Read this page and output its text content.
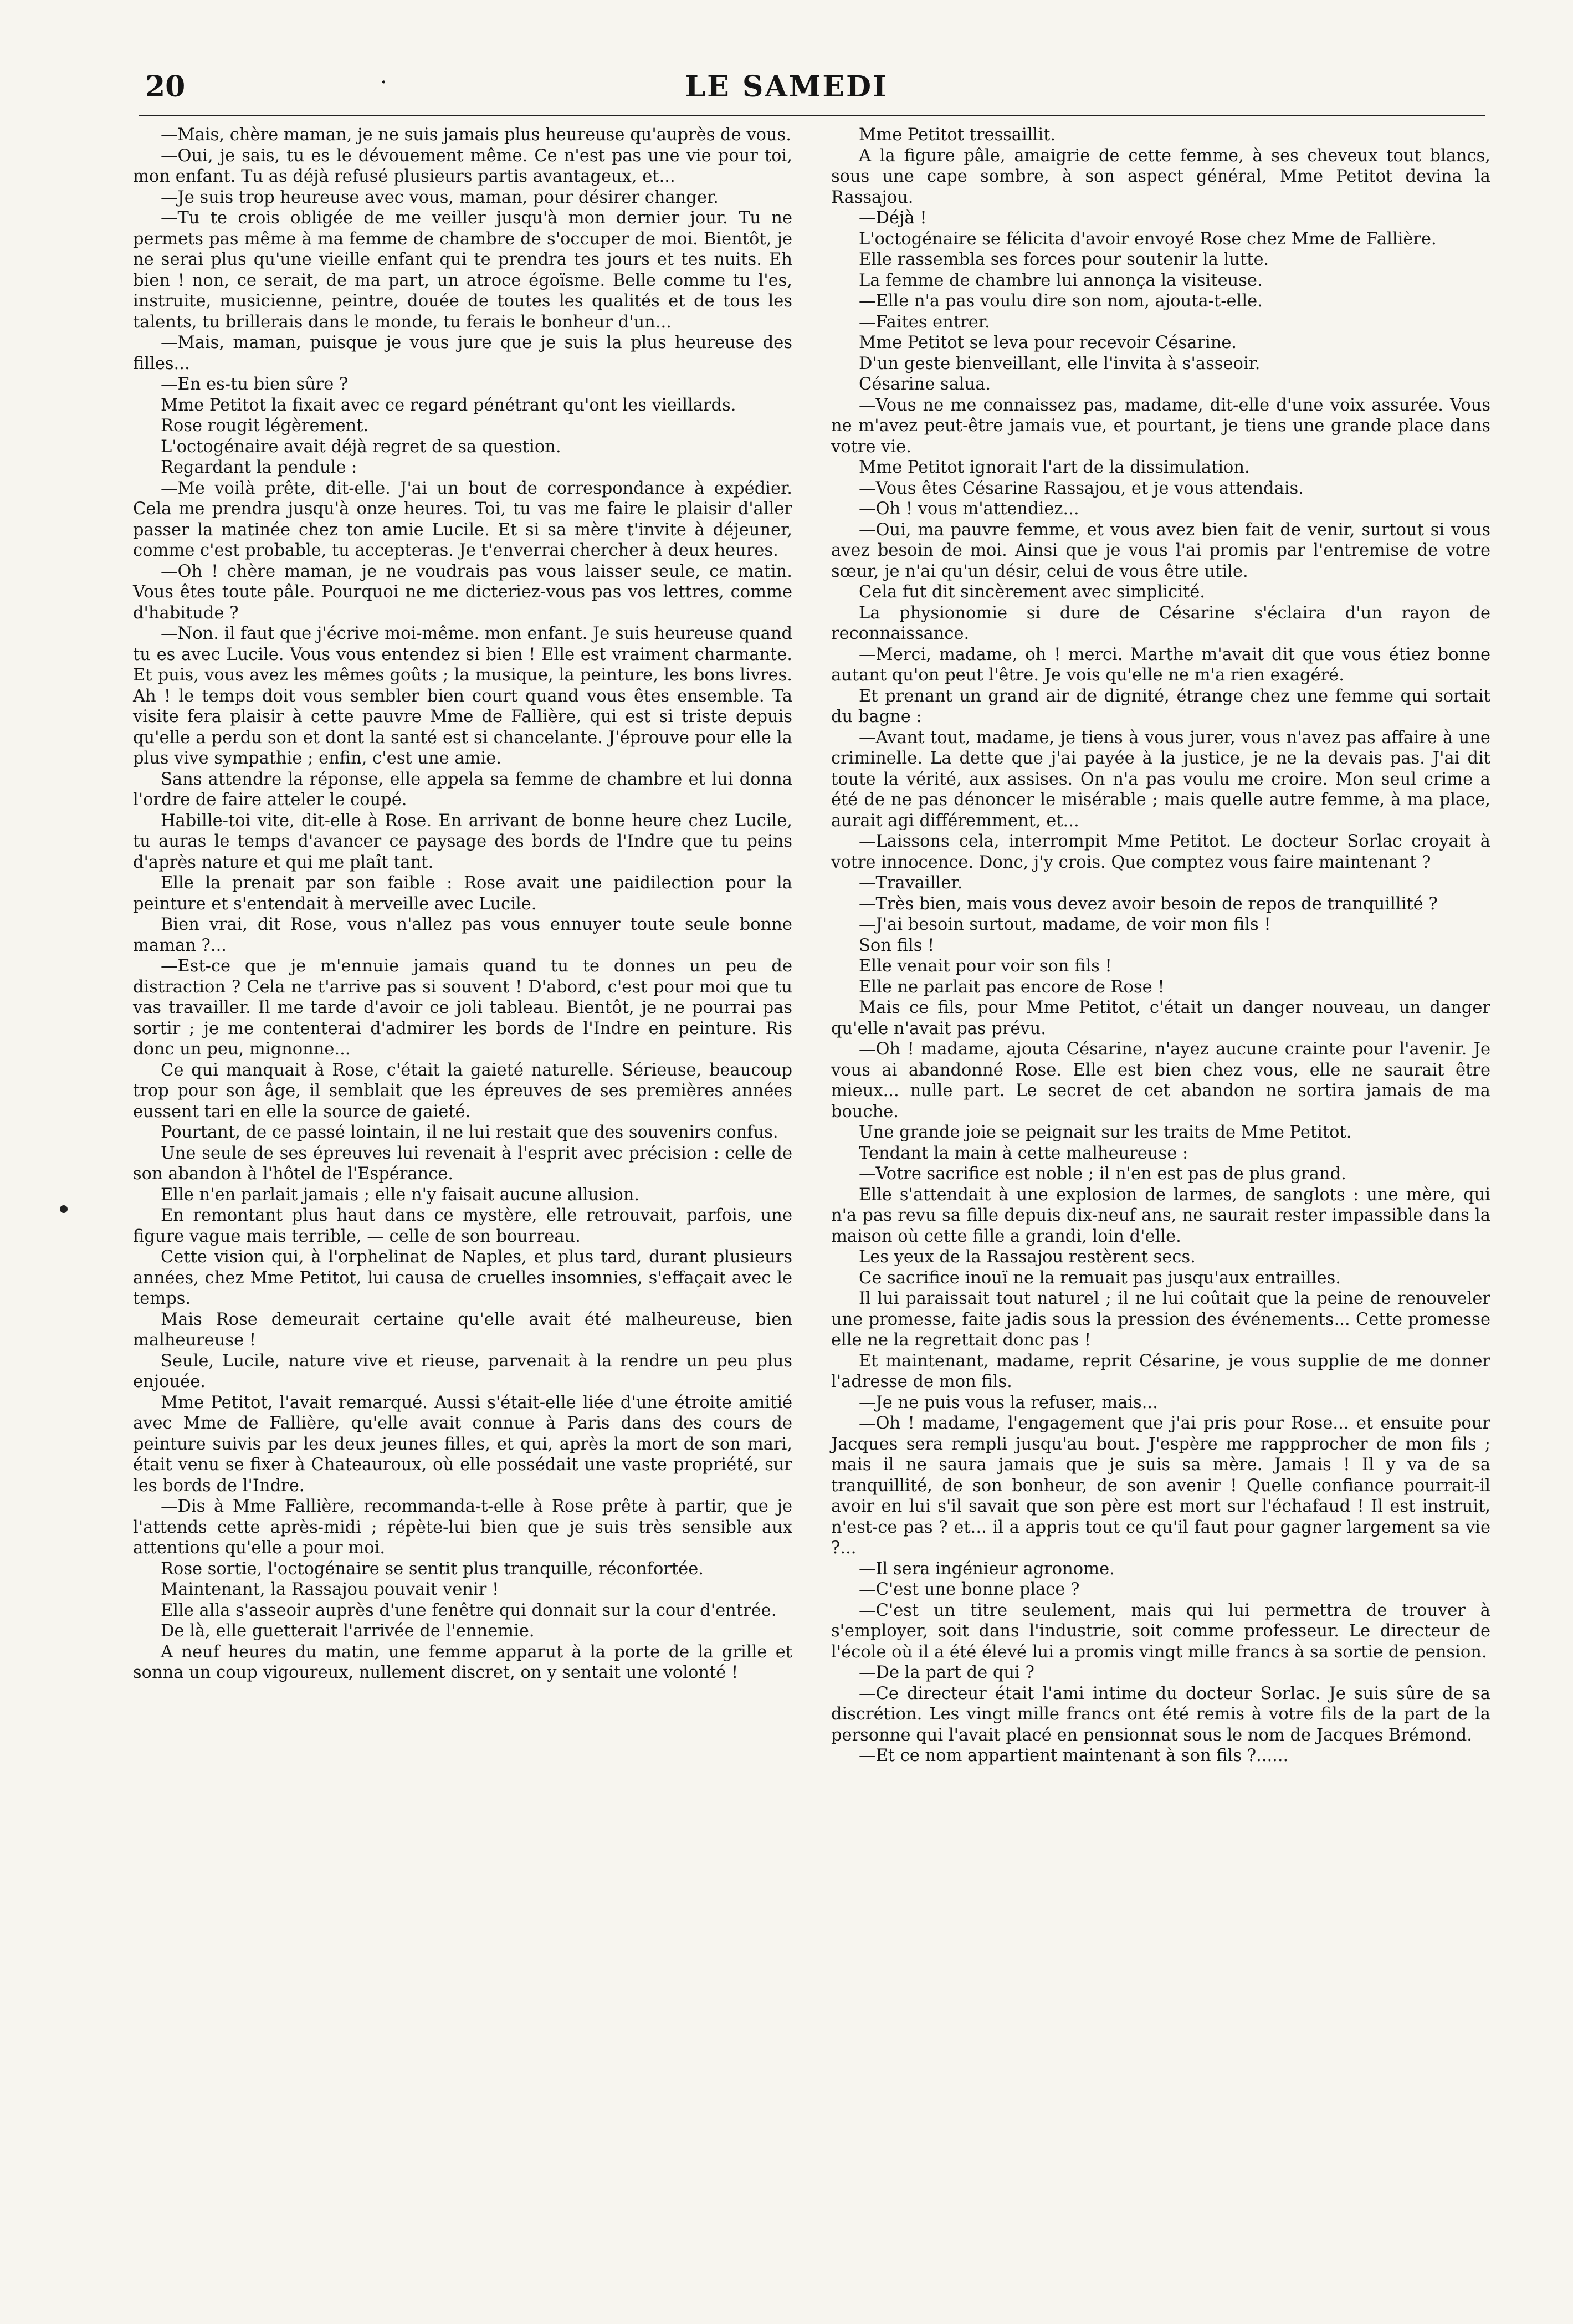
20	.	LE SAMEDI

—Mais, chère maman, je ne suis jamais plus heureuse qu'auprès de vous.

—Oui, je sais, tu es le dévouement même. Ce n'est pas une vie pour toi, mon enfant. Tu as déjà refusé plusieurs partis avantageux, et...

—Je suis trop heureuse avec vous, maman, pour désirer changer.

—Tu te crois obligée de me veiller jusqu'à mon dernier jour. Tu ne permets pas même à ma femme de chambre de s'occuper de moi. Bientôt, je ne serai plus qu'une vieille enfant qui te prendra tes jours et tes nuits. Eh bien ! non, ce serait, de ma part, un atroce égoïsme. Belle comme tu l'es, instruite, musicienne, peintre, douée de toutes les qualités et de tous les talents, tu brillerais dans le monde, tu ferais le bonheur d'un...

—Mais, maman, puisque je vous jure que je suis la plus heureuse des filles...

—En es-tu bien sûre ?

Mme Petitot la fixait avec ce regard pénétrant qu'ont les vieillards.

Rose rougit légèrement.

L'octogénaire avait déjà regret de sa question.

Regardant la pendule :

—Me voilà prête, dit-elle. J'ai un bout de correspondance à expédier. Cela me prendra jusqu'à onze heures. Toi, tu vas me faire le plaisir d'aller passer la matinée chez ton amie Lucile. Et si sa mère t'invite à déjeuner, comme c'est probable, tu accepteras. Je t'enverrai chercher à deux heures.

—Oh ! chère maman, je ne voudrais pas vous laisser seule, ce matin. Vous êtes toute pâle. Pourquoi ne me dicteriez-vous pas vos lettres, comme d'habitude ?

—Non. il faut que j'écrive moi-même. mon enfant. Je suis heureuse quand tu es avec Lucile. Vous vous entendez si bien ! Elle est vraiment charmante. Et puis, vous avez les mêmes goûts ; la musique, la peinture, les bons livres. Ah ! le temps doit vous sembler bien court quand vous êtes ensemble. Ta visite fera plaisir à cette pauvre Mme de Fallière, qui est si triste depuis qu'elle a perdu son et dont la santé est si chancelante. J'éprouve pour elle la plus vive sympathie ; enfin, c'est une amie.

Sans attendre la réponse, elle appela sa femme de chambre et lui donna l'ordre de faire atteler le coupé.

Habille-toi vite, dit-elle à Rose. En arrivant de bonne heure chez Lucile, tu auras le temps d'avancer ce paysage des bords de l'Indre que tu peins d'après nature et qui me plaît tant.

Elle la prenait par son faible : Rose avait une paidilection pour la peinture et s'entendait à merveille avec Lucile.

Bien vrai, dit Rose, vous n'allez pas vous ennuyer toute seule bonne maman ?...

—Est-ce que je m'ennuie jamais quand tu te donnes un peu de distraction ? Cela ne t'arrive pas si souvent ! D'abord, c'est pour moi que tu vas travailler. Il me tarde d'avoir ce joli tableau. Bientôt, je ne pourrai pas sortir ; je me contenterai d'admirer les bords de l'Indre en peinture. Ris donc un peu, mignonne...

Ce qui manquait à Rose, c'était la gaieté naturelle. Sérieuse, beaucoup trop pour son âge, il semblait que les épreuves de ses premières années eussent tari en elle la source de gaieté.

Pourtant, de ce passé lointain, il ne lui restait que des souvenirs confus.

Une seule de ses épreuves lui revenait à l'esprit avec précision : celle de son abandon à l'hôtel de l'Espérance.

Elle n'en parlait jamais ; elle n'y faisait aucune allusion.

En remontant plus haut dans ce mystère, elle retrouvait, parfois, une figure vague mais terrible, — celle de son bourreau.

Cette vision qui, à l'orphelinat de Naples, et plus tard, durant plusieurs années, chez Mme Petitot, lui causa de cruelles insomnies, s'effaçait avec le temps.

Mais Rose demeurait certaine qu'elle avait été malheureuse, bien malheureuse !

Seule, Lucile, nature vive et rieuse, parvenait à la rendre un peu plus enjouée.

Mme Petitot, l'avait remarqué. Aussi s'était-elle liée d'une étroite amitié avec Mme de Fallière, qu'elle avait connue à Paris dans des cours de peinture suivis par les deux jeunes filles, et qui, après la mort de son mari, était venu se fixer à Chateauroux, où elle possédait une vaste propriété, sur les bords de l'Indre.

—Dis à Mme Fallière, recommanda-t-elle à Rose prête à partir, que je l'attends cette après-midi ; répète-lui bien que je suis très sensible aux attentions qu'elle a pour moi.

Rose sortie, l'octogénaire se sentit plus tranquille, réconfortée.

Maintenant, la Rassajou pouvait venir !

Elle alla s'asseoir auprès d'une fenêtre qui donnait sur la cour d'entrée.

De là, elle guetterait l'arrivée de l'ennemie.

A neuf heures du matin, une femme apparut à la porte de la grille et sonna un coup vigoureux, nullement discret, on y sentait une volonté !

Mme Petitot tressaillit.

A la figure pâle, amaigrie de cette femme, à ses cheveux tout blancs, sous une cape sombre, à son aspect général, Mme Petitot devina la Rassajou.

—Déjà !

L'octogénaire se félicita d'avoir envoyé Rose chez Mme de Fallière.

Elle rassembla ses forces pour soutenir la lutte.

La femme de chambre lui annonça la visiteuse.

—Elle n'a pas voulu dire son nom, ajouta-t-elle.

—Faites entrer.

Mme Petitot se leva pour recevoir Césarine.

D'un geste bienveillant, elle l'invita à s'asseoir.

Césarine salua.

—Vous ne me connaissez pas, madame, dit-elle d'une voix assurée. Vous ne m'avez peut-être jamais vue, et pourtant, je tiens une grande place dans votre vie.

Mme Petitot ignorait l'art de la dissimulation.

—Vous êtes Césarine Rassajou, et je vous attendais.

—Oh ! vous m'attendiez...

—Oui, ma pauvre femme, et vous avez bien fait de venir, surtout si vous avez besoin de moi. Ainsi que je vous l'ai promis par l'entremise de votre sœur, je n'ai qu'un désir, celui de vous être utile.

Cela fut dit sincèrement avec simplicité.

La physionomie si dure de Césarine s'éclaira d'un rayon de reconnaissance.

—Merci, madame, oh ! merci. Marthe m'avait dit que vous étiez bonne autant qu'on peut l'être. Je vois qu'elle ne m'a rien exagéré.

Et prenant un grand air de dignité, étrange chez une femme qui sortait du bagne :

—Avant tout, madame, je tiens à vous jurer, vous n'avez pas affaire à une criminelle. La dette que j'ai payée à la justice, je ne la devais pas. J'ai dit toute la vérité, aux assises. On n'a pas voulu me croire. Mon seul crime a été de ne pas dénoncer le misérable ; mais quelle autre femme, à ma place, aurait agi différemment, et...

—Laissons cela, interrompit Mme Petitot. Le docteur Sorlac croyait à votre innocence. Donc, j'y crois. Que comptez vous faire maintenant ?

—Travailler.

—Très bien, mais vous devez avoir besoin de repos de tranquillité ?

—J'ai besoin surtout, madame, de voir mon fils !

Son fils !

Elle venait pour voir son fils !

Elle ne parlait pas encore de Rose !

Mais ce fils, pour Mme Petitot, c'était un danger nouveau, un danger qu'elle n'avait pas prévu.

—Oh ! madame, ajouta Césarine, n'ayez aucune crainte pour l'avenir. Je vous ai abandonné Rose. Elle est bien chez vous, elle ne saurait être mieux... nulle part. Le secret de cet abandon ne sortira jamais de ma bouche.

Une grande joie se peignait sur les traits de Mme Petitot.

Tendant la main à cette malheureuse :

—Votre sacrifice est noble ; il n'en est pas de plus grand.

Elle s'attendait à une explosion de larmes, de sanglots : une mère, qui n'a pas revu sa fille depuis dix-neuf ans, ne saurait rester impassible dans la maison où cette fille a grandi, loin d'elle.

Les yeux de la Rassajou restèrent secs.

Ce sacrifice inouï ne la remuait pas jusqu'aux entrailles.

Il lui paraissait tout naturel ; il ne lui coûtait que la peine de renouveler une promesse, faite jadis sous la pression des événements... Cette promesse elle ne la regrettait donc pas !

Et maintenant, madame, reprit Césarine, je vous supplie de me donner l'adresse de mon fils.

—Je ne puis vous la refuser, mais...

—Oh ! madame, l'engagement que j'ai pris pour Rose... et ensuite pour Jacques sera rempli jusqu'au bout. J'espère me rappprocher de mon fils ; mais il ne saura jamais que je suis sa mère. Jamais ! Il y va de sa tranquillité, de son bonheur, de son avenir ! Quelle confiance pourrait-il avoir en lui s'il savait que son père est mort sur l'échafaud ! Il est instruit, n'est-ce pas ? et... il a appris tout ce qu'il faut pour gagner largement sa vie ?...

—Il sera ingénieur agronome.

—C'est une bonne place ?

—C'est un titre seulement, mais qui lui permettra de trouver à s'employer, soit dans l'industrie, soit comme professeur. Le directeur de l'école où il a été élevé lui a promis vingt mille francs à sa sortie de pension.

—De la part de qui ?

—Ce directeur était l'ami intime du docteur Sorlac. Je suis sûre de sa discrétion. Les vingt mille francs ont été remis à votre fils de la part de la personne qui l'avait placé en pensionnat sous le nom de Jacques Brémond.

—Et ce nom appartient maintenant à son fils ?......
